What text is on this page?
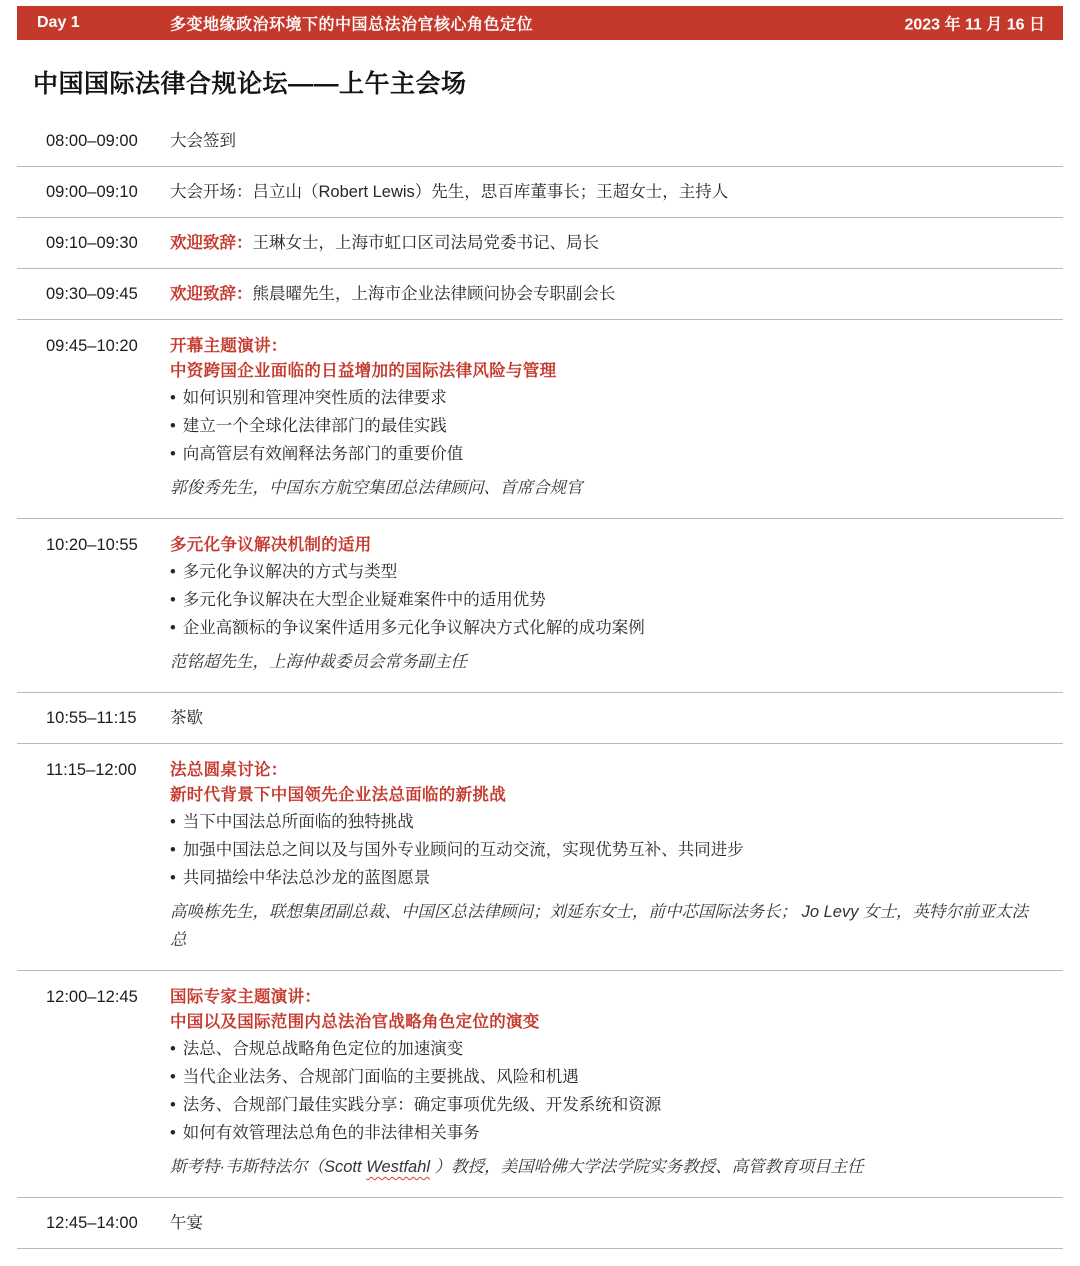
Day 1	多变地缘政治环境下的中国总法治官核心角色定位	2023 年 11 月 16 日
中国国际法律合规论坛——上午主会场
08:00–09:00	大会签到
09:00–09:10	大会开场：吕立山（Robert Lewis）先生，思百库董事长；王超女士，主持人
09:10–09:30	欢迎致辞：王琳女士，上海市虹口区司法局党委书记、局长
09:30–09:45	欢迎致辞：熊晨曜先生，上海市企业法律顾问协会专职副会长
09:45–10:20	开幕主题演讲：
中资跨国企业面临的日益增加的国际法律风险与管理
• 如何识别和管理冲突性质的法律要求
• 建立一个全球化法律部门的最佳实践
• 向高管层有效阐释法务部门的重要价值
郭俊秀先生，中国东方航空集团总法律顾问、首席合规官
10:20–10:55	多元化争议解决机制的适用
• 多元化争议解决的方式与类型
• 多元化争议解决在大型企业疑难案件中的适用优势
• 企业高额标的争议案件适用多元化争议解决方式化解的成功案例
范铭超先生，上海仲裁委员会常务副主任
10:55–11:15	茶歇
11:15–12:00	法总圆桌讨论：
新时代背景下中国领先企业法总面临的新挑战
• 当下中国法总所面临的独特挑战
• 加强中国法总之间以及与国外专业顾问的互动交流，实现优势互补、共同进步
• 共同描绘中华法总沙龙的蓝图愿景
高唤栋先生，联想集团副总裁、中国区总法律顾问；刘延东女士，前中芯国际法务长； Jo Levy 女士，英特尔前亚太法总
12:00–12:45	国际专家主题演讲：
中国以及国际范围内总法治官战略角色定位的演变
• 法总、合规总战略角色定位的加速演变
• 当代企业法务、合规部门面临的主要挑战、风险和机遇
• 法务、合规部门最佳实践分享：确定事项优先级、开发系统和资源
• 如何有效管理法总角色的非法律相关事务
斯考特·韦斯特法尔（Scott Westfahl ）教授，美国哈佛大学法学院实务教授、高管教育项目主任
12:45–14:00	午宴
